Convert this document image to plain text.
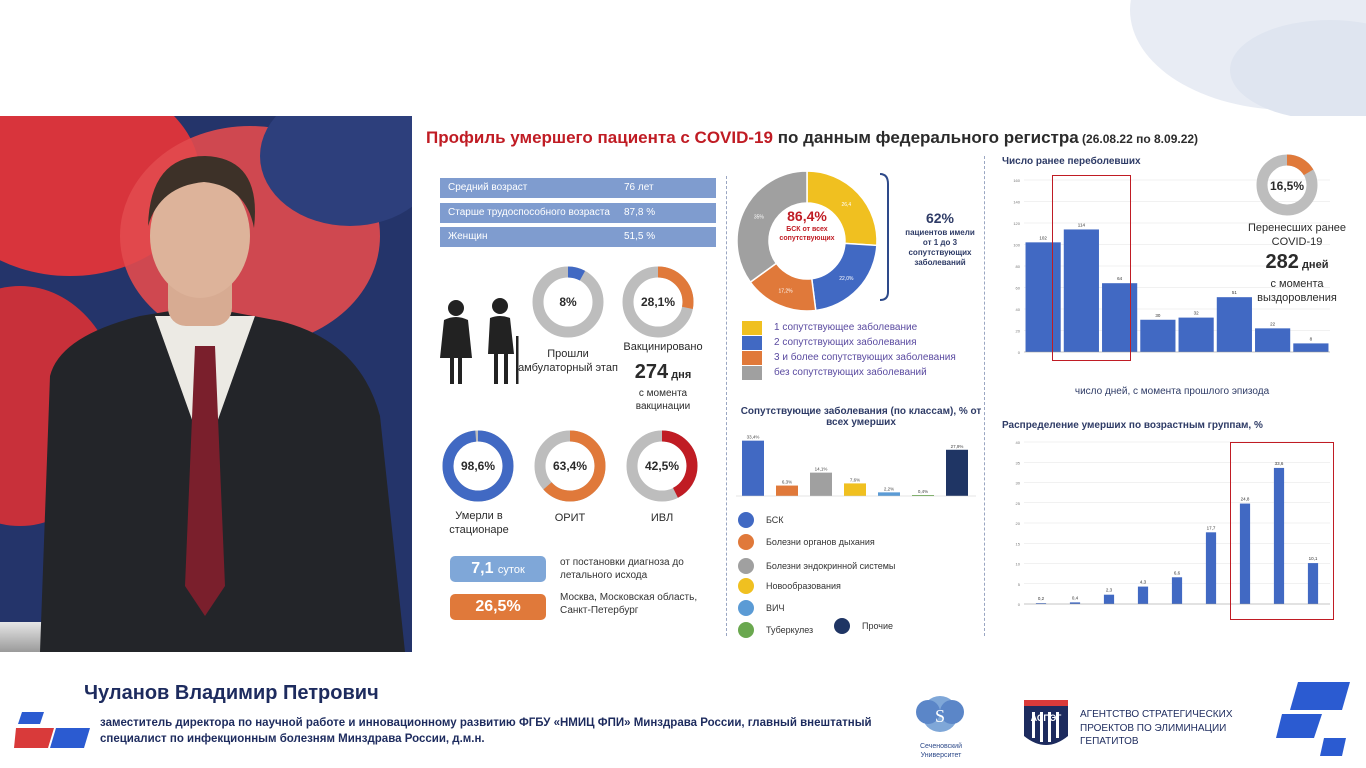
Профиль умершего пациента с COVID-19 по данным федерального регистра (26.08.22 по 8.09.22)
Средний возраст	76 лет
Старше трудоспособного возраста 87,8 %
Женщин	51,5 %
8%
Прошли амбулаторный этап
28,1%
Вакцинировано
274 дня
с момента вакцинации
98,6%
Умерли в стационаре
63,4%
ОРИТ
42,5%
ИВЛ
7,1 суток
от постановки диагноза до летального исхода
26,5%
Москва, Московская область, Санкт-Петербург
26,4
22,0%
17,2%
35%	86,4%
БСК от всех сопутствующих
62%
пациентов имели от 1 до 3 сопутствующих заболеваний
Сопутствующие заболевания (по классам), % от всех умерших
33,4%
6,3%
14,1%
7,6%
2,2%
0,4%
27,9%
Число ранее переболевших
0
20
40
60
80
100
120
140
160
102
114
64
30	32
51
22
8
число дней, с момента прошлого эпизода
16,5%
Перенесших ранее COVID-19
282 дней
с момента выздоровления
Распределение умерших по возрастным группам, %
0
5
10
15
20
25
30
35
40
0,2	0,4
2,3
4,3
6,6
17,7
24,8
33,6
10,1
1 сопутствующее заболевание
2 сопутствующих заболевания
3 и более сопутствующих заболевания
без сопутствующих заболеваний
БСК
Болезни органов дыхания
Болезни эндокринной системы
Новообразования
ВИЧ
Туберкулез	Прочие
Чуланов Владимир Петрович
заместитель директора по научной работе и инновационному развитию ФГБУ «НМИЦ ФПИ» Минздрава России, главный внештатный специалист по инфекционным болезням Минздрава России, д.м.н.
S
Сеченовский Университет
АСПЭГ	АГЕНТСТВО СТРАТЕГИЧЕСКИХ ПРОЕКТОВ ПО ЭЛИМИНАЦИИ ГЕПАТИТОВ
